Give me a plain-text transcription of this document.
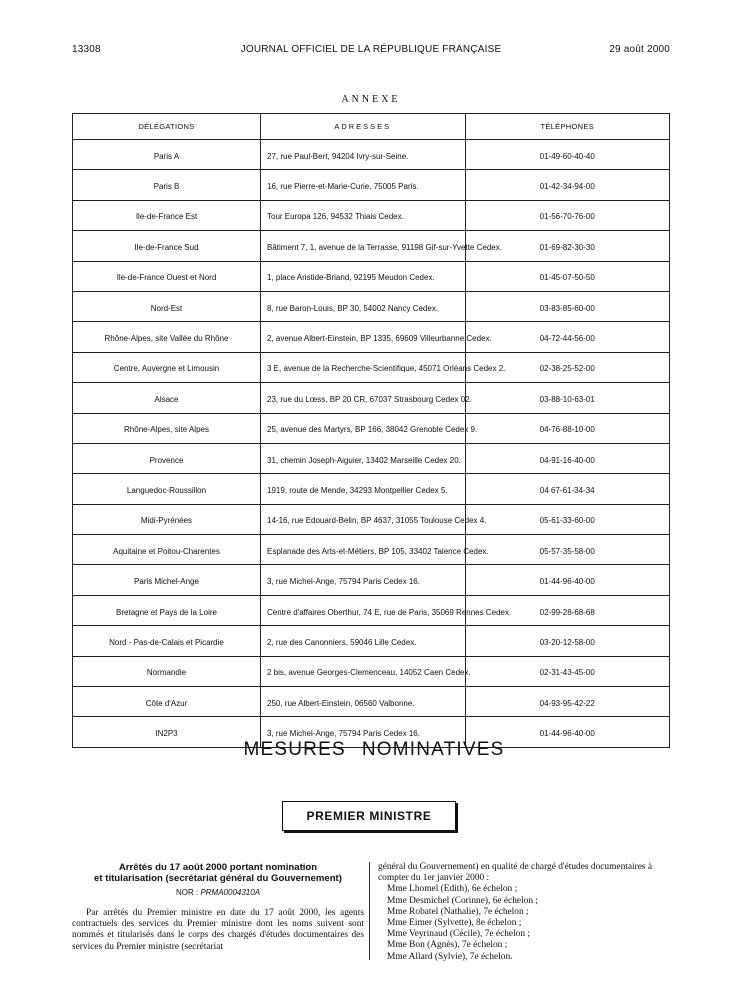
13308	JOURNAL OFFICIEL DE LA RÉPUBLIQUE FRANÇAISE	29 août 2000
ANNEXE
DÉLÉGATIONS	ADRESSES	TÉLÉPHONES
Paris A	27, rue Paul-Bert, 94204 Ivry-sur-Seine.	01-49-60-40-40
Paris B	16, rue Pierre-et-Marie-Curie, 75005 Paris.	01-42-34-94-00
Ile-de-France Est	Tour Europa 126, 94532 Thiais Cedex.	01-56-70-76-00
Ile-de-France Sud	Bâtiment 7, 1, avenue de la Terrasse, 91198 Gif-sur-Yvette Cedex.	01-69-82-30-30
Ile-de-France Ouest et Nord	1, place Aristide-Briand, 92195 Meudon Cedex.	01-45-07-50-50
Nord-Est	8, rue Baron-Louis, BP 30, 54002 Nancy Cedex.	03-83-85-60-00
Rhône-Alpes, site Vallée du Rhône	2, avenue Albert-Einstein, BP 1335, 69609 Villeurbanne Cedex.	04-72-44-56-00
Centre, Auvergne et Limousin	3 E, avenue de la Recherche-Scientifique, 45071 Orléans Cedex 2.	02-38-25-52-00
Alsace	23, rue du Lœss, BP 20 CR, 67037 Strasbourg Cedex 02.	03-88-10-63-01
Rhône-Alpes, site Alpes	25, avenue des Martyrs, BP 166, 38042 Grenoble Cedex 9.	04-76-88-10-00
Provence	31, chemin Joseph-Aiguier, 13402 Marseille Cedex 20.	04-91-16-40-00
Languedoc-Roussillon	1919, route de Mende, 34293 Montpellier Cedex 5.	04 67-61-34-34
Midi-Pyrénées	14-16, rue Edouard-Belin, BP 4637, 31055 Toulouse Cedex 4.	05-61-33-60-00
Aquitaine et Poitou-Charentes	Esplanade des Arts-et-Métiers, BP 105, 33402 Talence Cedex.	05-57-35-58-00
Paris Michel-Ange	3, rue Michel-Ange, 75794 Paris Cedex 16.	01-44-96-40-00
Bretagne et Pays de la Loire	Centre d'affaires Oberthur, 74 E, rue de Paris, 35069 Rennes Cedex.	02-99-28-68-68
Nord - Pas-de-Calais et Picardie	2, rue des Canonniers, 59046 Lille Cedex.	03-20-12-58-00
Normandie	2 bis, avenue Georges-Clemenceau, 14052 Caen Cedex.	02-31-43-45-00
Côte d'Azur	250, rue Albert-Einstein, 06560 Valbonne.	04-93-95-42-22
IN2P3	3, rue Michel-Ange, 75794 Paris Cedex 16.	01-44-96-40-00
MESURES NOMINATIVES
PREMIER MINISTRE
Arrêtés du 17 août 2000 portant nomination
et titularisation (secrétariat général du Gouvernement)
NOR : PRMA0004310A
Par arrêtés du Premier ministre en date du 17 août 2000, les agents contractuels des services du Premier ministre dont les noms suivent sont nommés et titularisés dans le corps des chargés d'études documentaires des services du Premier ministre (secrétariat
général du Gouvernement) en qualité de chargé d'études documentaires à compter du 1er janvier 2000 :
Mme Lhomel (Edith), 6e échelon ;
Mme Desmichel (Corinne), 6e échelon ;
Mme Robatel (Nathalie), 7e échelon ;
Mme Eimer (Sylvette), 8e échelon ;
Mme Veyrinaud (Cécile), 7e échelon ;
Mme Bon (Agnès), 7e échelon ;
Mme Allard (Sylvie), 7e échelon.
